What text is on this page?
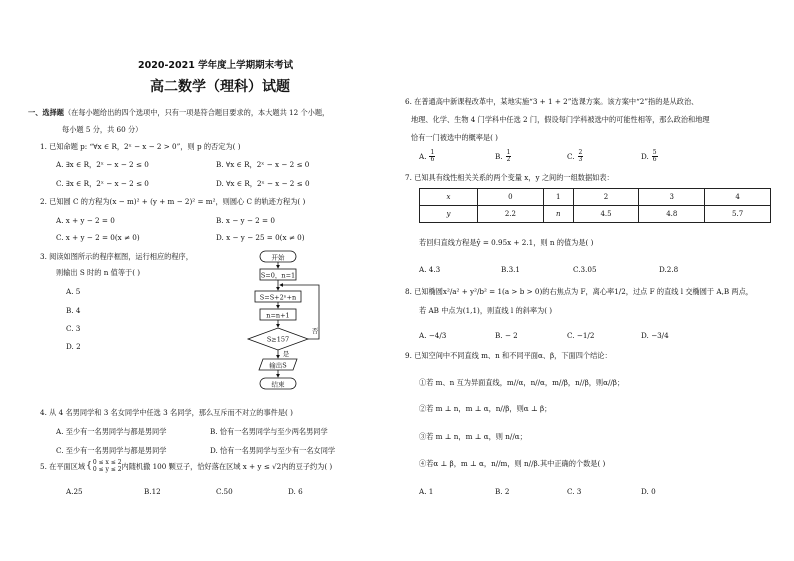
2020-2021 学年度上学期期末考试
高二数学（理科）试题
一、选择题（在每小题给出的四个选项中，只有一项是符合题目要求的，本大题共 12 个小题，
每小题 5 分，共 60 分）
1. 已知命题 p: “∀x ∈ R，2ˣ − x − 2 > 0”，则 p 的否定为( )
A. ∃x ∈ R，2ˣ − x − 2 ≤ 0	B. ∀x ∈ R，2ˣ − x − 2 ≤ 0
C. ∃x ∈ R，2ˣ − x − 2 ≤ 0	D. ∀x ∈ R，2ˣ − x − 2 ≤ 0
2. 已知圆 C 的方程为(x − m)² + (y + m − 2)² = m²，则圆心 C 的轨迹方程为( )
A. x + y − 2 = 0	B. x − y − 2 = 0
C. x + y − 2 = 0(x ≠ 0)	D. x − y − 25 = 0(x ≠ 0)
3. 阅读如图所示的程序框图，运行相应的程序，
则输出 S 时的 n 值等于( )
A. 5
B. 4
C. 3
D. 2
开始
S=0，n=1
S=S+2ⁿ+n
n=n+1
S≥157
是
否
输出S
结束
4. 从 4 名男同学和 3 名女同学中任选 3 名同学，那么互斥而不对立的事件是( )
A. 至少有一名男同学与都是男同学	B. 恰有一名男同学与至少两名男同学
C. 至少有一名男同学与都是男同学	D. 恰有一名男同学与至少有一名女同学
5. 在平面区域 { 0 ≤ x ≤ 2
0 ≤ y ≤ 2 内随机撒 100 颗豆子，恰好落在区域 x + y ≤ √2内的豆子约为( )
A.25	B.12	C.50	D. 6
6. 在普通高中新课程改革中，某地实施“3 + 1 + 2”选课方案。该方案中“2”指的是从政治、
地理、化学、生物 4 门学科中任选 2 门，假设每门学科被选中的可能性相等，那么政治和地理
恰有一门被选中的概率是( )
A. $\frac{1}{6}$	B. $\frac{1}{2}$	C. $\frac{2}{3}$	D. $\frac{5}{6}$
7. 已知具有线性相关关系的两个变量 x，y 之间的一组数据如表：
x	0	1	2	3	4
y	2.2	n	4.5	4.8	5.7
若回归直线方程是ŷ = 0.95x + 2.1，则 n 的值为是( )
A. 4.3	B.3.1	C.3.05	D.2.8
8. 已知椭圆x²/a² + y²/b² = 1(a > b > 0)的右焦点为 F，离心率1/2，过点 F 的直线 l 交椭圆于 A,B 两点，
若 AB 中点为(1,1)，则直线 l 的斜率为( )
A. −4/3	B. − 2	C. −1/2	D. −3/4
9. 已知空间中不同直线 m、n 和不同平面α、β，下面四个结论：
①若 m、n 互为异面直线，m//α，n//α，m//β，n//β，则α//β；
②若 m ⊥ n，m ⊥ α，n//β，则α ⊥ β；
③若 m ⊥ n，m ⊥ α，则 n//α；
④若α ⊥ β，m ⊥ α，n//m，则 n//β.其中正确的个数是( )
A. 1	B. 2	C. 3	D. 0
